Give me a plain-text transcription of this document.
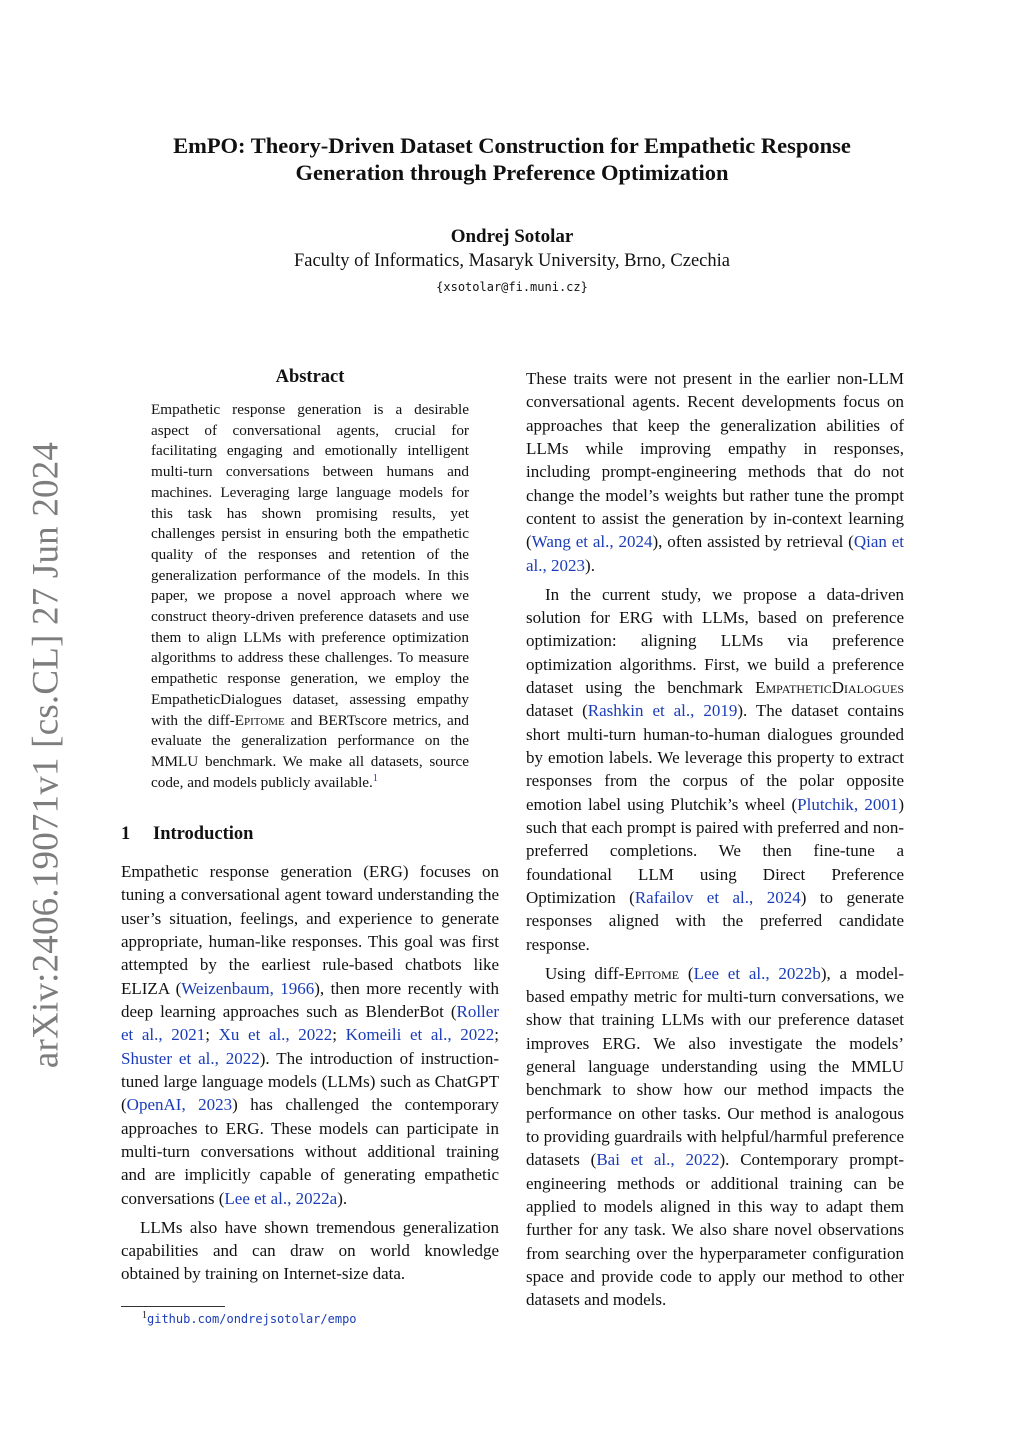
EmPO: Theory-Driven Dataset Construction for Empathetic Response
Generation through Preference Optimization
Ondrej Sotolar
Faculty of Informatics, Masaryk University, Brno, Czechia
{xsotolar@fi.muni.cz}
arXiv:2406.19071v1 [cs.CL] 27 Jun 2024
Abstract

Empathetic response generation is a desirable aspect of conversational agents, crucial for facilitating engaging and emotionally intelligent multi-turn conversations between humans and machines. Leveraging large language models for this task has shown promising results, yet challenges persist in ensuring both the empathetic quality of the responses and retention of the generalization performance of the models. In this paper, we propose a novel approach where we construct theory-driven preference datasets and use them to align LLMs with preference optimization algorithms to address these challenges. To measure empathetic response generation, we employ the EmpatheticDialogues dataset, assessing empathy with the diff-Epitome and BERTscore metrics, and evaluate the generalization performance on the MMLU benchmark. We make all datasets, source code, and models publicly available.$^1$

1 Introduction

Empathetic response generation (ERG) focuses on tuning a conversational agent toward understanding the user’s situation, feelings, and experience to generate appropriate, human-like responses. This goal was first attempted by the earliest rule-based chatbots like ELIZA (Weizenbaum, 1966), then more recently with deep learning approaches such as BlenderBot (Roller et al., 2021; Xu et al., 2022; Komeili et al., 2022; Shuster et al., 2022). The introduction of instruction-tuned large language models (LLMs) such as ChatGPT (OpenAI, 2023) has challenged the contemporary approaches to ERG. These models can participate in multi-turn conversations without additional training and are implicitly capable of generating empathetic conversations (Lee et al., 2022a).

LLMs also have shown tremendous generalization capabilities and can draw on world knowledge obtained by training on Internet-size data.

These traits were not present in the earlier non-LLM conversational agents. Recent developments focus on approaches that keep the generalization abilities of LLMs while improving empathy in responses, including prompt-engineering methods that do not change the model’s weights but rather tune the prompt content to assist the generation by in-context learning (Wang et al., 2024), often assisted by retrieval (Qian et al., 2023).

In the current study, we propose a data-driven solution for ERG with LLMs, based on preference optimization: aligning LLMs via preference optimization algorithms. First, we build a preference dataset using the benchmark EmpatheticDialogues dataset (Rashkin et al., 2019). The dataset contains short multi-turn human-to-human dialogues grounded by emotion labels. We leverage this property to extract responses from the corpus of the polar opposite emotion label using Plutchik’s wheel (Plutchik, 2001) such that each prompt is paired with preferred and non-preferred completions. We then fine-tune a foundational LLM using Direct Preference Optimization (Rafailov et al., 2024) to generate responses aligned with the preferred candidate response.

Using diff-Epitome (Lee et al., 2022b), a model-based empathy metric for multi-turn conversations, we show that training LLMs with our preference dataset improves ERG. We also investigate the models’ general language understanding using the MMLU benchmark to show how our method impacts the performance on other tasks. Our method is analogous to providing guardrails with helpful/harmful preference datasets (Bai et al., 2022). Contemporary prompt-engineering methods or additional training can be applied to models aligned in this way to adapt them further for any task. We also share novel observations from searching over the hyperparameter configuration space and provide code to apply our method to other datasets and models.

$^1$github.com/ondrejsotolar/empo
